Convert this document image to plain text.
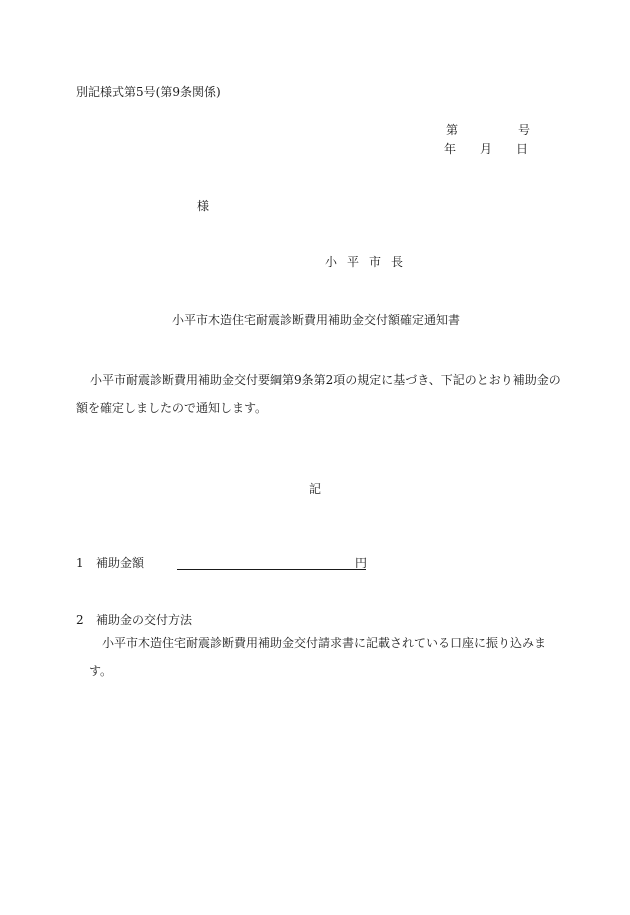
別記様式第5号(第9条関係)
第	号
年 月 日
様
小平市長
小平市木造住宅耐震診断費用補助金交付額確定通知書
小平市耐震診断費用補助金交付要綱第9条第2項の規定に基づき、下記のとおり補助金の
額を確定しましたので通知します。
記
1 補助金額	円
2 補助金の交付方法
小平市木造住宅耐震診断費用補助金交付請求書に記載されている口座に振り込みま
す。
